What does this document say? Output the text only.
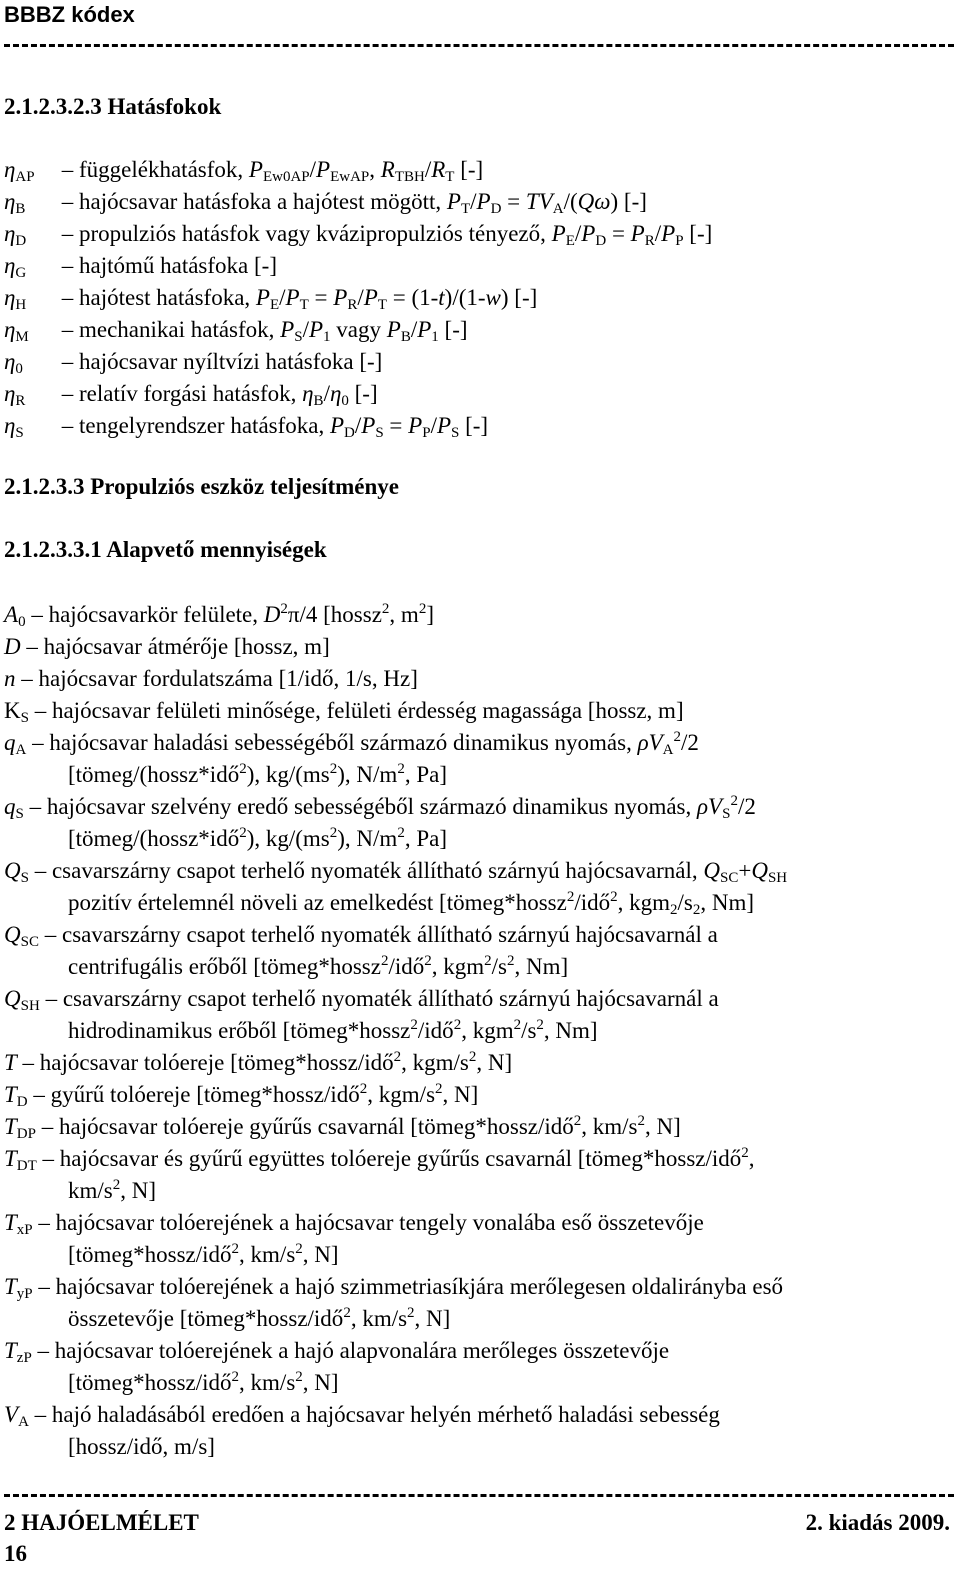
BBBZ kódex
2.1.2.3.2.3 Hatásfokok
$\eta_{AP}$ – függelékhatásfok, $P_{Ew0AP}/P_{EwAP}$, $R_{TBH}/R_T$ [-]
$\eta_B$ – hajócsavar hatásfoka a hajótest mögött, $P_T/P_D = TV_A/(Q\omega)$ [-]
$\eta_D$ – propulziós hatásfok vagy kvázipropulziós tényező, $P_E/P_D = P_R/P_P$ [-]
$\eta_G$ – hajtómű hatásfoka [-]
$\eta_H$ – hajótest hatásfoka, $P_E/P_T = P_R/P_T = (1-t)/(1-w)$ [-]
$\eta_M$ – mechanikai hatásfok, $P_S/P_1$ vagy $P_B/P_1$ [-]
$\eta_0$ – hajócsavar nyíltvízi hatásfoka [-]
$\eta_R$ – relatív forgási hatásfok, $\eta_B/\eta_0$ [-]
$\eta_S$ – tengelyrendszer hatásfoka, $P_D/P_S = P_P/P_S$ [-]
2.1.2.3.3 Propulziós eszköz teljesítménye
2.1.2.3.3.1 Alapvető mennyiségek
$A_0$ – hajócsavarkör felülete, $D^2\pi/4$ [hossz$^2$, $m^2$]
D – hajócsavar átmérője [hossz, m]
n – hajócsavar fordulatszáma [1/idő, 1/s, Hz]
$K_S$ – hajócsavar felületi minősége, felületi érdesség magassága [hossz, m]
$q_A$ – hajócsavar haladási sebességéből származó dinamikus nyomás, $\rho V_A^2/2$
[tömeg/(hossz*idő$^2$), $kg/(ms^2)$, $N/m^2$, Pa]
$q_S$ – hajócsavar szelvény eredő sebességéből származó dinamikus nyomás, $\rho V_S^2/2$
[tömeg/(hossz*idő$^2$), $kg/(ms^2)$, $N/m^2$, Pa]
$Q_S$ – csavarszárny csapot terhelő nyomaték állítható szárnyú hajócsavarnál, $Q_{SC}+Q_{SH}$
pozitív értelemnél növeli az emelkedést [tömeg*hossz$^2$/idő$^2$, $kgm_2/s_2$, Nm]
$Q_{SC}$ – csavarszárny csapot terhelő nyomaték állítható szárnyú hajócsavarnál a
centrifugális erőből [tömeg*hossz$^2$/idő$^2$, $kgm^2/s^2$, Nm]
$Q_{SH}$ – csavarszárny csapot terhelő nyomaték állítható szárnyú hajócsavarnál a
hidrodinamikus erőből [tömeg*hossz$^2$/idő$^2$, $kgm^2/s^2$, Nm]
T – hajócsavar tolóereje [tömeg*hossz/idő$^2$, kgm/$s^2$, N]
$T_D$ – gyűrű tolóereje [tömeg*hossz/idő$^2$, kgm/$s^2$, N]
$T_{DP}$ – hajócsavar tolóereje gyűrűs csavarnál [tömeg*hossz/idő$^2$, $km/s^2$, N]
$T_{DT}$ – hajócsavar és gyűrű együttes tolóereje gyűrűs csavarnál [tömeg*hossz/idő$^2$,
$km/s^2$, N]
$T_{xP}$ – hajócsavar tolóerejének a hajócsavar tengely vonalába eső összetevője
[tömeg*hossz/idő$^2$, $km/s^2$, N]
$T_{yP}$ – hajócsavar tolóerejének a hajó szimmetriasíkjára merőlegesen oldalirányba eső
összetevője [tömeg*hossz/idő$^2$, $km/s^2$, N]
$T_{zP}$ – hajócsavar tolóerejének a hajó alapvonalára merőleges összetevője
[tömeg*hossz/idő$^2$, $km/s^2$, N]
$V_A$ – hajó haladásából eredően a hajócsavar helyén mérhető haladási sebesség
[hossz/idő, m/s]
2 HAJÓELMÉLET	2. kiadás 2009.
16
